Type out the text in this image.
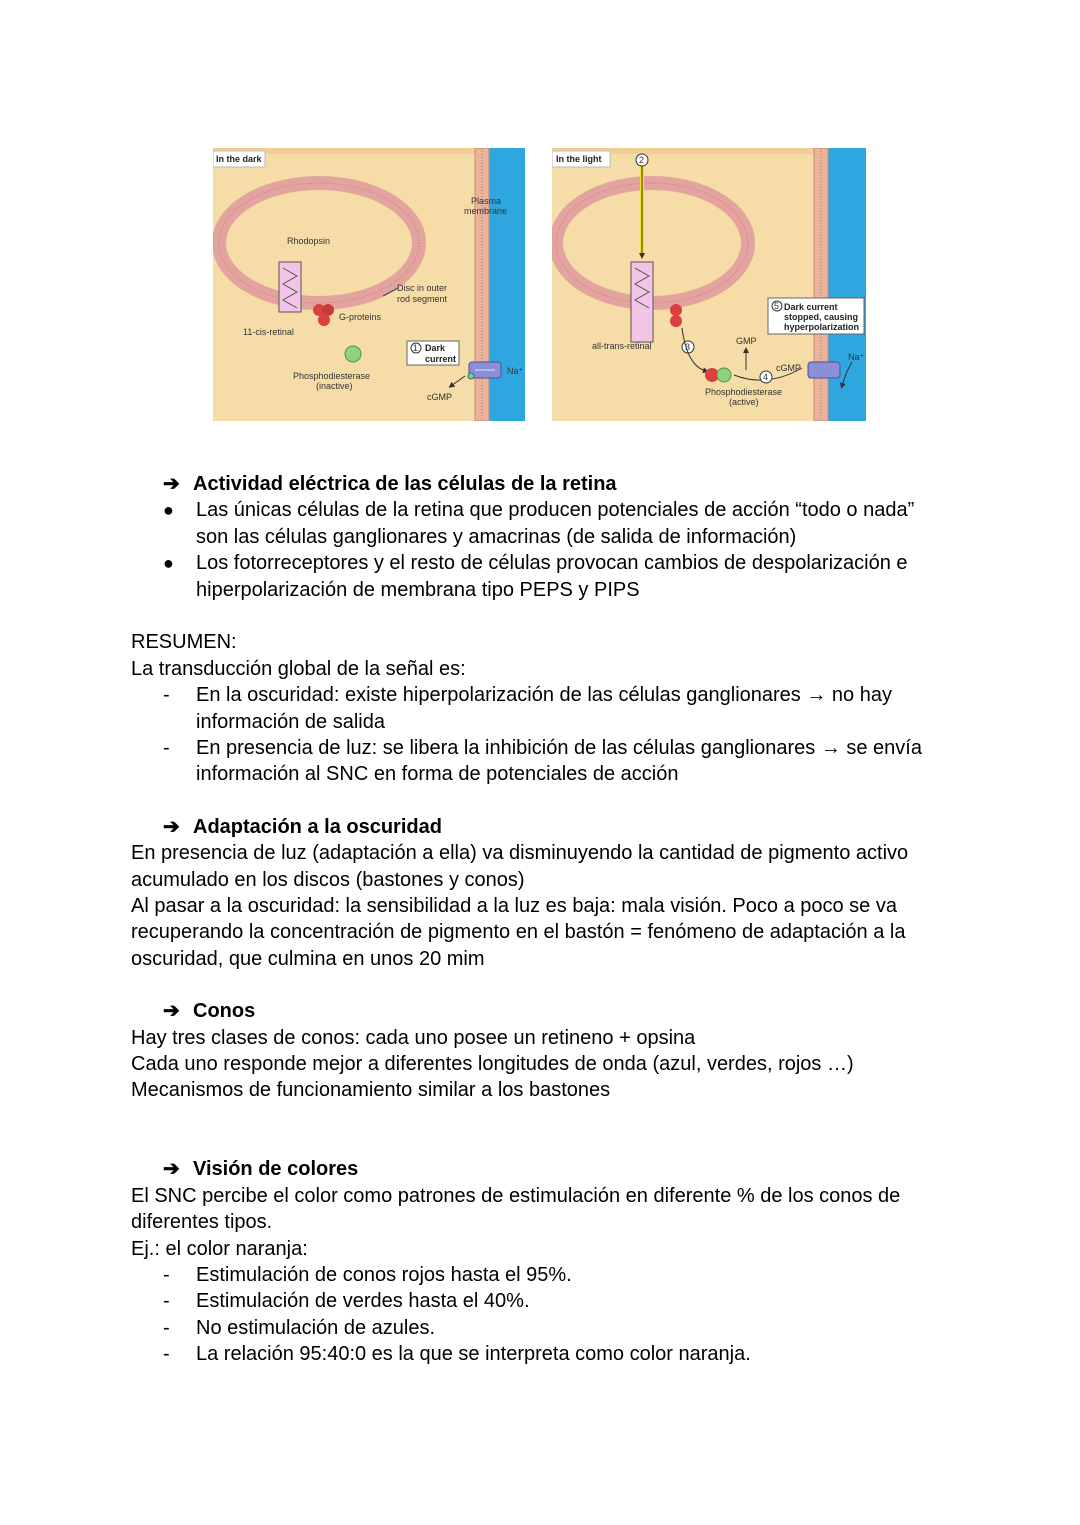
In the dark
Rhodopsin
11-cis-retinal
G-proteins
Disc in outer
rod segment
Plasma
membrane
Phosphodiesterase
(inactive)
1 Dark
current
Na⁺
cGMP
In the light	2
all-trans-retinal	3
Phosphodiesterase
(active)
GMP
4
cGMP
5 Dark current
stopped, causing
hyperpolarization
Na⁺
➔ Actividad eléctrica de las células de la retina
● Las únicas células de la retina que producen potenciales de acción “todo o nada”
son las células ganglionares y amacrinas (de salida de información)
● Los fotorreceptores y el resto de células provocan cambios de despolarización e
hiperpolarización de membrana tipo PEPS y PIPS
RESUMEN:
La transducción global de la señal es:
- En la oscuridad: existe hiperpolarización de las células ganglionares → no hay
información de salida
- En presencia de luz: se libera la inhibición de las células ganglionares → se envía
información al SNC en forma de potenciales de acción
➔ Adaptación a la oscuridad
En presencia de luz (adaptación a ella) va disminuyendo la cantidad de pigmento activo
acumulado en los discos (bastones y conos)
Al pasar a la oscuridad: la sensibilidad a la luz es baja: mala visión. Poco a poco se va
recuperando la concentración de pigmento en el bastón = fenómeno de adaptación a la
oscuridad, que culmina en unos 20 mim
➔ Conos
Hay tres clases de conos: cada uno posee un retineno + opsina
Cada uno responde mejor a diferentes longitudes de onda (azul, verdes, rojos …)
Mecanismos de funcionamiento similar a los bastones
➔ Visión de colores
El SNC percibe el color como patrones de estimulación en diferente % de los conos de
diferentes tipos.
Ej.: el color naranja:
- Estimulación de conos rojos hasta el 95%.
- Estimulación de verdes hasta el 40%.
- No estimulación de azules.
- La relación 95:40:0 es la que se interpreta como color naranja.
